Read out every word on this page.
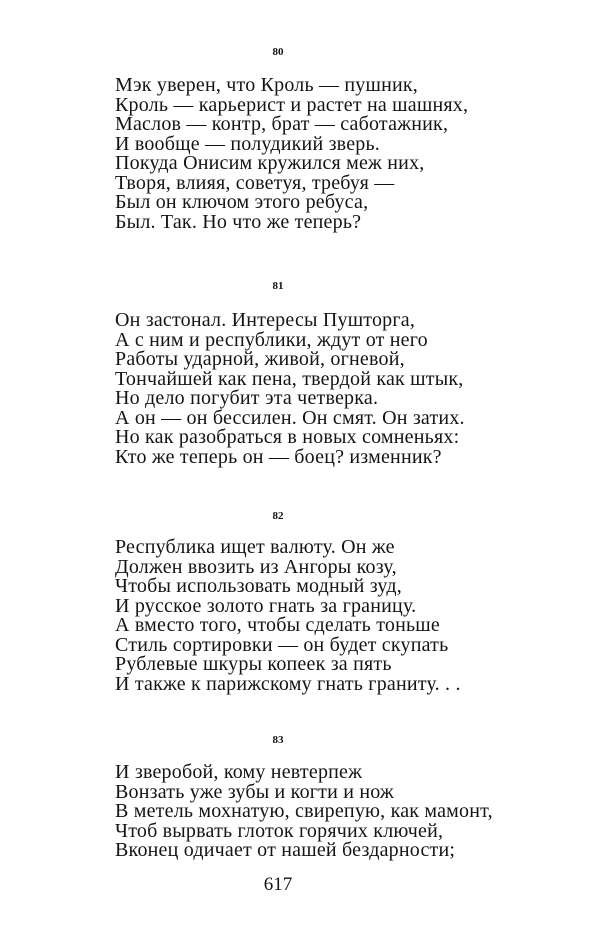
80
Мэк уверен, что Кроль — пушник,
Кроль — карьерист и растет на шашнях,
Маслов — контр, брат — саботажник,
И вообще — полудикий зверь.
Покуда Онисим кружился меж них,
Творя, влияя, советуя, требуя —
Был он ключом этого ребуса,
Был. Так. Но что же теперь?
81
Он застонал. Интересы Пушторга,
А с ним и республики, ждут от него
Работы ударной, живой, огневой,
Тончайшей как пена, твердой как штык,
Но дело погубит эта четверка.
А он — он бессилен. Он смят. Он затих.
Но как разобраться в новых сомненьях:
Кто же теперь он — боец? изменник?
82
Республика ищет валюту. Он же
Должен ввозить из Ангоры козу,
Чтобы использовать модный зуд,
И русское золото гнать за границу.
А вместо того, чтобы сделать тоньше
Стиль сортировки — он будет скупать
Рублевые шкуры копеек за пять
И также к парижскому гнать граниту. . .
83
И зверобой, кому невтерпеж
Вонзать уже зубы и когти и нож
В метель мохнатую, свирепую, как мамонт,
Чтоб вырвать глоток горячих ключей,
Вконец одичает от нашей бездарности;
617
